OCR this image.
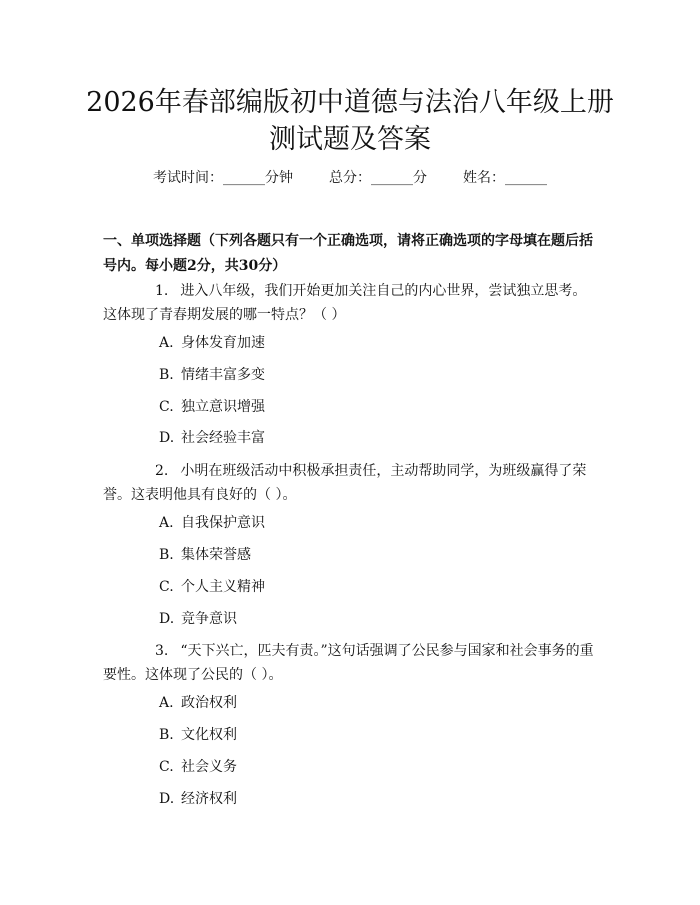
2026年春部编版初中道德与法治八年级上册
测试题及答案
考试时间：______分钟	总分：______分	姓名：______
一、单项选择题（下列各题只有一个正确选项，请将正确选项的字母填在题后括号内。每小题2分，共30分）
1. 进入八年级，我们开始更加关注自己的内心世界，尝试独立思考。这体现了青春期发展的哪一特点？（ ）
A. 身体发育加速
B. 情绪丰富多变
C. 独立意识增强
D. 社会经验丰富
2. 小明在班级活动中积极承担责任，主动帮助同学，为班级赢得了荣誉。这表明他具有良好的（ ）。
A. 自我保护意识
B. 集体荣誉感
C. 个人主义精神
D. 竞争意识
3. “天下兴亡，匹夫有责。”这句话强调了公民参与国家和社会事务的重要性。这体现了公民的（ ）。
A. 政治权利
B. 文化权利
C. 社会义务
D. 经济权利
